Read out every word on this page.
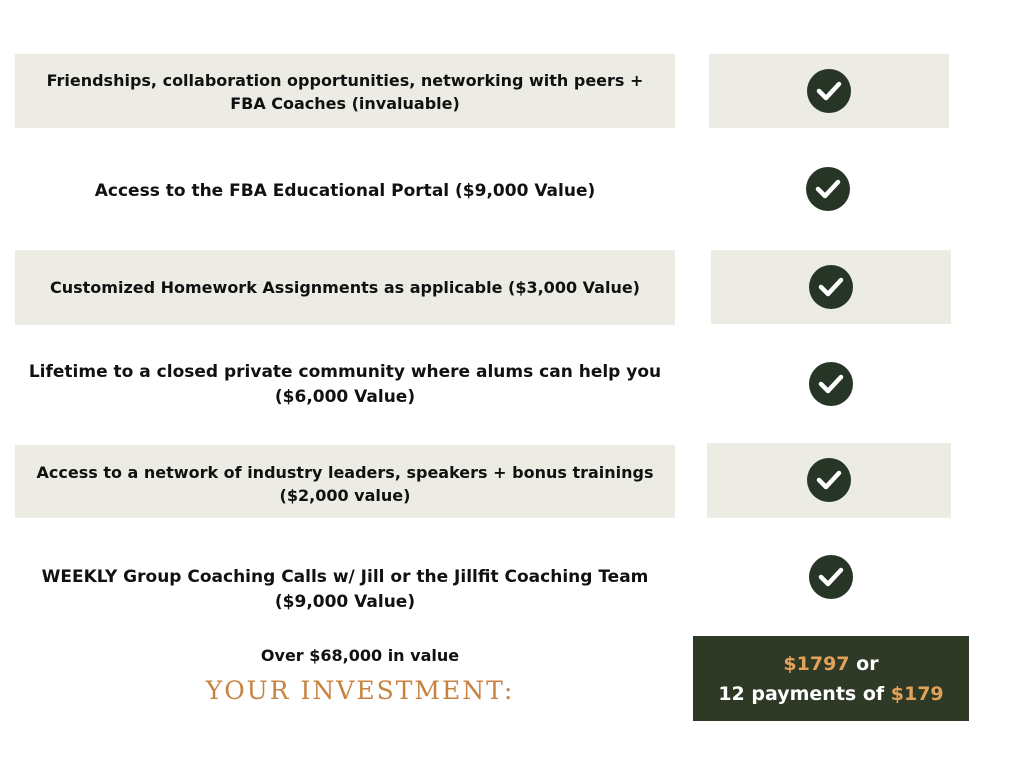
Friendships, collaboration opportunities, networking with peers +
FBA Coaches (invaluable)
Access to the FBA Educational Portal ($9,000 Value)
Customized Homework Assignments as applicable ($3,000 Value)
Lifetime to a closed private community where alums can help you
($6,000 Value)
Access to a network of industry leaders, speakers + bonus trainings
($2,000 value)
WEEKLY Group Coaching Calls w/ Jill or the Jillfit Coaching Team
($9,000 Value)
Over $68,000 in value
YOUR INVESTMENT:
$1797 or
12 payments of $179
